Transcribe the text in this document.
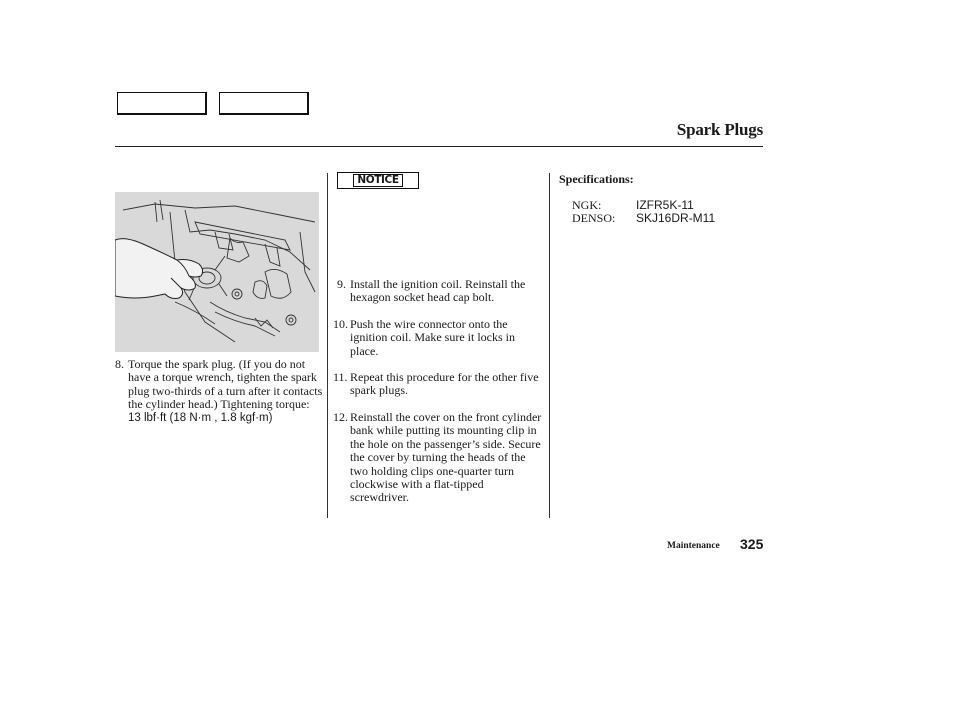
Spark Plugs
8. Torque the spark plug. (If you do not have a torque wrench, tighten the spark plug two-thirds of a turn after it contacts the cylinder head.) Tightening torque:
13 lbf·ft (18 N·m , 1.8 kgf·m)
NOTICE
9. Install the ignition coil. Reinstall the hexagon socket head cap bolt.
10. Push the wire connector onto the ignition coil. Make sure it locks in place.
11. Repeat this procedure for the other five spark plugs.
12. Reinstall the cover on the front cylinder bank while putting its mounting clip in the hole on the passenger’s side. Secure the cover by turning the heads of the two holding clips one-quarter turn clockwise with a flat-tipped screwdriver.
Specifications:
NGK:	IZFR5K-11
DENSO: SKJ16DR-M11
Maintenance 325
